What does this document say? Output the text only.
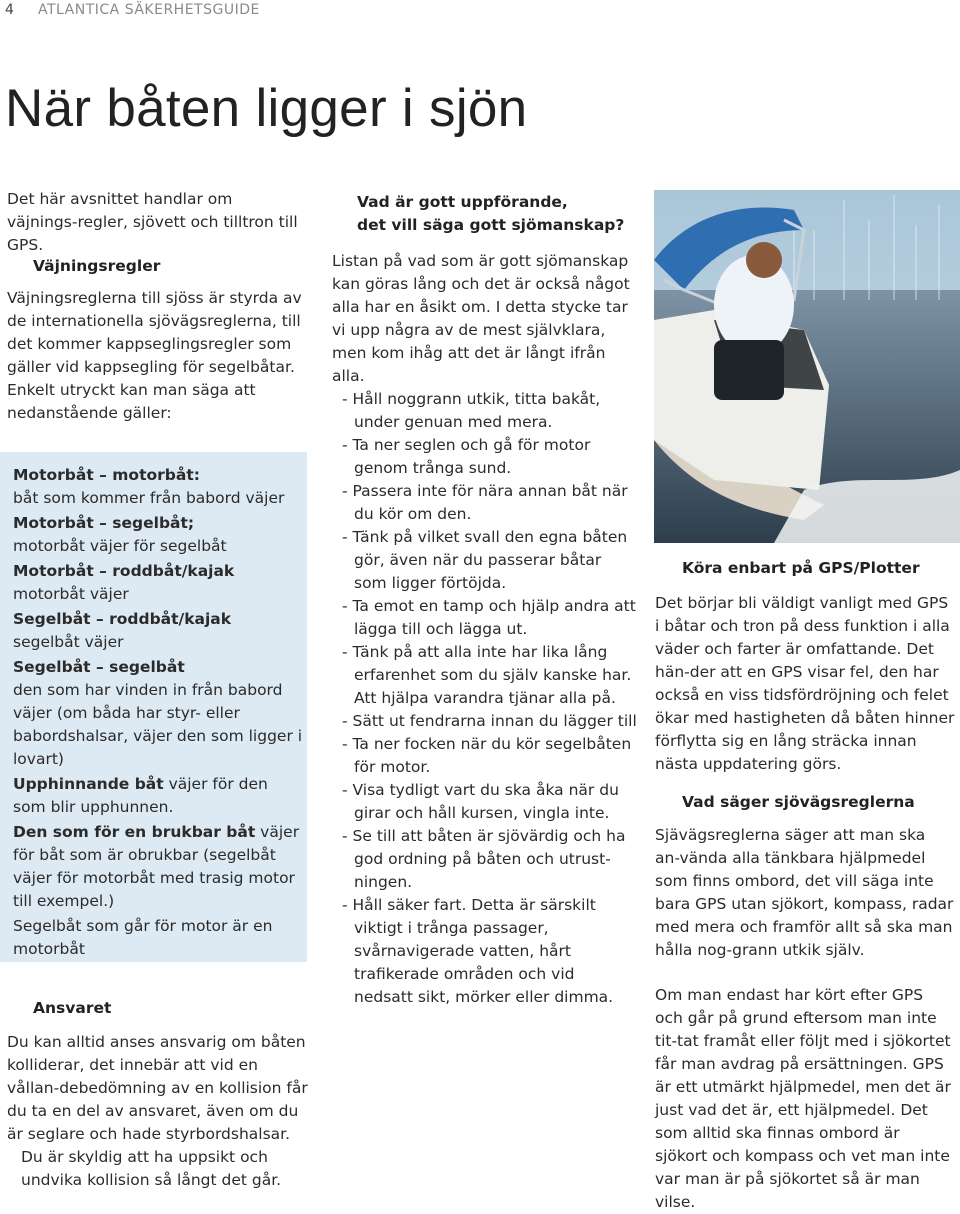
4 ATLANTICA SÄKERHETSGUIDE
När båten ligger i sjön
Det här avsnittet handlar om väjnings-regler, sjövett och tilltron till GPS.
Väjningsregler
Väjningsreglerna till sjöss är styrda av de internationella sjövägsreglerna, till det kommer kappseglingsregler som gäller vid kappsegling för segelbåtar. Enkelt utryckt kan man säga att nedanstående gäller:
Motorbåt – motorbåt:
båt som kommer från babord väjer
Motorbåt – segelbåt;
motorbåt väjer för segelbåt
Motorbåt – roddbåt/kajak
motorbåt väjer
Segelbåt – roddbåt/kajak
segelbåt väjer
Segelbåt – segelbåt
den som har vinden in från babord väjer (om båda har styr- eller babordshalsar, väjer den som ligger i lovart)
Upphinnande båt väjer för den som blir upphunnen.
Den som för en brukbar båt väjer för båt som är obrukbar (segelbåt väjer för motorbåt med trasig motor till exempel.)
Segelbåt som går för motor är en motorbåt
Ansvaret
Du kan alltid anses ansvarig om båten kolliderar, det innebär att vid en vållan-debedömning av en kollision får du ta en del av ansvaret, även om du är seglare och hade styrbordshalsar.
Du är skyldig att ha uppsikt och undvika kollision så långt det går.
Vad är gott uppförande,
det vill säga gott sjömanskap?
Listan på vad som är gott sjömanskap kan göras lång och det är också något alla har en åsikt om. I detta stycke tar vi upp några av de mest självklara, men kom ihåg att det är långt ifrån alla.
- Håll noggrann utkik, titta bakåt, under genuan med mera.
- Ta ner seglen och gå för motor genom trånga sund.
- Passera inte för nära annan båt när du kör om den.
- Tänk på vilket svall den egna båten gör, även när du passerar båtar som ligger förtöjda.
- Ta emot en tamp och hjälp andra att lägga till och lägga ut.
- Tänk på att alla inte har lika lång erfarenhet som du själv kanske har. Att hjälpa varandra tjänar alla på.
- Sätt ut fendrarna innan du lägger till
- Ta ner focken när du kör segelbåten för motor.
- Visa tydligt vart du ska åka när du girar och håll kursen, vingla inte.
- Se till att båten är sjövärdig och ha god ordning på båten och utrust-ningen.
- Håll säker fart. Detta är särskilt viktigt i trånga passager, svårnavigerade vatten, hårt trafikerade områden och vid nedsatt sikt, mörker eller dimma.
Köra enbart på GPS/Plotter
Det börjar bli väldigt vanligt med GPS i båtar och tron på dess funktion i alla väder och farter är omfattande. Det hän-der att en GPS visar fel, den har också en viss tidsfördröjning och felet ökar med hastigheten då båten hinner förflytta sig en lång sträcka innan nästa uppdatering görs.
Vad säger sjövägsreglerna
Sjävägsreglerna säger att man ska an-vända alla tänkbara hjälpmedel som finns ombord, det vill säga inte bara GPS utan sjökort, kompass, radar med mera och framför allt så ska man hålla nog-grann utkik själv.
Om man endast har kört efter GPS och går på grund eftersom man inte tit-tat framåt eller följt med i sjökortet får man avdrag på ersättningen. GPS är ett utmärkt hjälpmedel, men det är just vad det är, ett hjälpmedel. Det som alltid ska finnas ombord är sjökort och kompass och vet man inte var man är på sjökortet så är man vilse.
